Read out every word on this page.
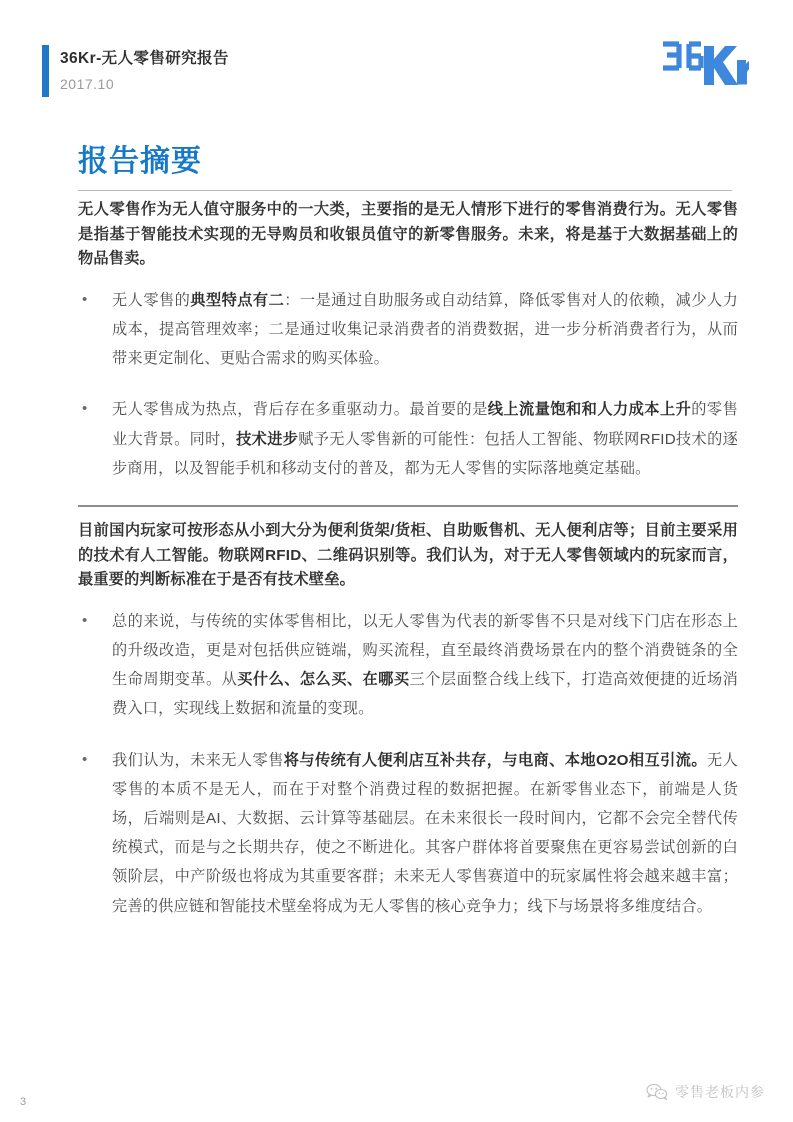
36Kr-无人零售研究报告
2017.10
报告摘要

无人零售作为无人值守服务中的一大类，主要指的是无人情形下进行的零售消费行为。无人零售是指基于智能技术实现的无导购员和收银员值守的新零售服务。未来，将是基于大数据基础上的物品售卖。

•	无人零售的典型特点有二：一是通过自助服务或自动结算，降低零售对人的依赖，减少人力成本，提高管理效率；二是通过收集记录消费者的消费数据，进一步分析消费者行为，从而带来更定制化、更贴合需求的购买体验。
•	无人零售成为热点，背后存在多重驱动力。最首要的是线上流量饱和和人力成本上升的零售业大背景。同时，技术进步赋予无人零售新的可能性：包括人工智能、物联网RFID技术的逐步商用，以及智能手机和移动支付的普及，都为无人零售的实际落地奠定基础。

目前国内玩家可按形态从小到大分为便利货架/货柜、自助贩售机、无人便利店等；目前主要采用的技术有人工智能。物联网RFID、二维码识别等。我们认为，对于无人零售领域内的玩家而言，最重要的判断标准在于是否有技术壁垒。

•	总的来说，与传统的实体零售相比，以无人零售为代表的新零售不只是对线下门店在形态上的升级改造，更是对包括供应链端，购买流程，直至最终消费场景在内的整个消费链条的全生命周期变革。从买什么、怎么买、在哪买三个层面整合线上线下，打造高效便捷的近场消费入口，实现线上数据和流量的变现。
•	我们认为，未来无人零售将与传统有人便利店互补共存，与电商、本地O2O相互引流。无人零售的本质不是无人，而在于对整个消费过程的数据把握。在新零售业态下，前端是人货场，后端则是AI、大数据、云计算等基础层。在未来很长一段时间内，它都不会完全替代传统模式，而是与之长期共存，使之不断进化。其客户群体将首要聚焦在更容易尝试创新的白领阶层，中产阶级也将成为其重要客群；未来无人零售赛道中的玩家属性将会越来越丰富；完善的供应链和智能技术壁垒将成为无人零售的核心竞争力；线下与场景将多维度结合。
3
零售老板内参
